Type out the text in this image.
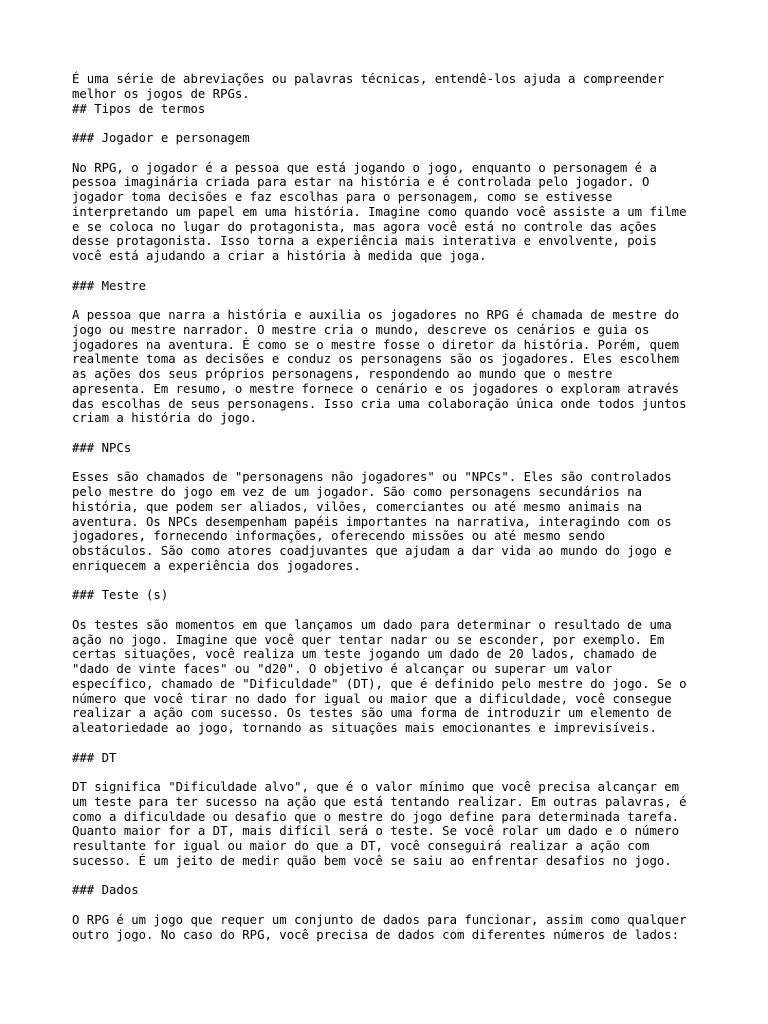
É uma série de abreviações ou palavras técnicas, entendê-los ajuda a compreender
melhor os jogos de RPGs.
## Tipos de termos
### Jogador e personagem
No RPG, o jogador é a pessoa que está jogando o jogo, enquanto o personagem é a
pessoa imaginária criada para estar na história e é controlada pelo jogador. O
jogador toma decisões e faz escolhas para o personagem, como se estivesse
interpretando um papel em uma história. Imagine como quando você assiste a um filme
e se coloca no lugar do protagonista, mas agora você está no controle das ações
desse protagonista. Isso torna a experiência mais interativa e envolvente, pois
você está ajudando a criar a história à medida que joga.
### Mestre
A pessoa que narra a história e auxilia os jogadores no RPG é chamada de mestre do
jogo ou mestre narrador. O mestre cria o mundo, descreve os cenários e guia os
jogadores na aventura. É como se o mestre fosse o diretor da história. Porém, quem
realmente toma as decisões e conduz os personagens são os jogadores. Eles escolhem
as ações dos seus próprios personagens, respondendo ao mundo que o mestre
apresenta. Em resumo, o mestre fornece o cenário e os jogadores o exploram através
das escolhas de seus personagens. Isso cria uma colaboração única onde todos juntos
criam a história do jogo.
### NPCs
Esses são chamados de "personagens não jogadores" ou "NPCs". Eles são controlados
pelo mestre do jogo em vez de um jogador. São como personagens secundários na
história, que podem ser aliados, vilões, comerciantes ou até mesmo animais na
aventura. Os NPCs desempenham papéis importantes na narrativa, interagindo com os
jogadores, fornecendo informações, oferecendo missões ou até mesmo sendo
obstáculos. São como atores coadjuvantes que ajudam a dar vida ao mundo do jogo e
enriquecem a experiência dos jogadores.
### Teste (s)
Os testes são momentos em que lançamos um dado para determinar o resultado de uma
ação no jogo. Imagine que você quer tentar nadar ou se esconder, por exemplo. Em
certas situações, você realiza um teste jogando um dado de 20 lados, chamado de
"dado de vinte faces" ou "d20". O objetivo é alcançar ou superar um valor
específico, chamado de "Dificuldade" (DT), que é definido pelo mestre do jogo. Se o
número que você tirar no dado for igual ou maior que a dificuldade, você consegue
realizar a ação com sucesso. Os testes são uma forma de introduzir um elemento de
aleatoriedade ao jogo, tornando as situações mais emocionantes e imprevisíveis.
### DT
DT significa "Dificuldade alvo", que é o valor mínimo que você precisa alcançar em
um teste para ter sucesso na ação que está tentando realizar. Em outras palavras, é
como a dificuldade ou desafio que o mestre do jogo define para determinada tarefa.
Quanto maior for a DT, mais difícil será o teste. Se você rolar um dado e o número
resultante for igual ou maior do que a DT, você conseguirá realizar a ação com
sucesso. É um jeito de medir quão bem você se saiu ao enfrentar desafios no jogo.
### Dados
O RPG é um jogo que requer um conjunto de dados para funcionar, assim como qualquer
outro jogo. No caso do RPG, você precisa de dados com diferentes números de lados:
